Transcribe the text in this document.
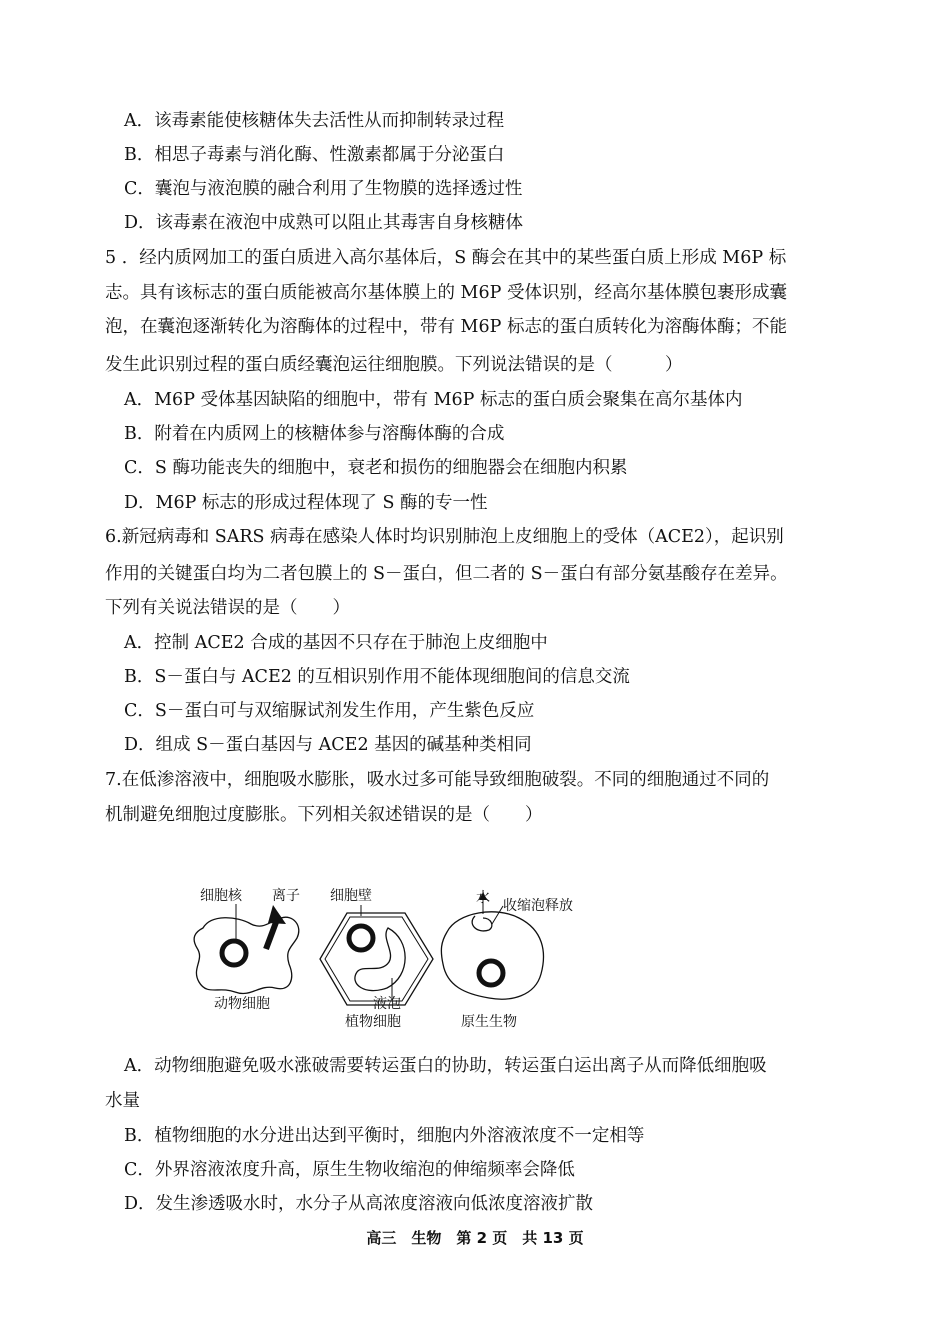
A．该毒素能使核糖体失去活性从而抑制转录过程
B．相思子毒素与消化酶、性激素都属于分泌蛋白
C．囊泡与液泡膜的融合利用了生物膜的选择透过性
D．该毒素在液泡中成熟可以阻止其毒害自身核糖体
5 ．经内质网加工的蛋白质进入高尔基体后，S 酶会在其中的某些蛋白质上形成 M6P 标
志。具有该标志的蛋白质能被高尔基体膜上的 M6P 受体识别，经高尔基体膜包裹形成囊
泡，在囊泡逐渐转化为溶酶体的过程中，带有 M6P 标志的蛋白质转化为溶酶体酶；不能
发生此识别过程的蛋白质经囊泡运往细胞膜。下列说法错误的是（　　　）
A．M6P 受体基因缺陷的细胞中，带有 M6P 标志的蛋白质会聚集在高尔基体内
B．附着在内质网上的核糖体参与溶酶体酶的合成
C．S 酶功能丧失的细胞中，衰老和损伤的细胞器会在细胞内积累
D．M6P 标志的形成过程体现了 S 酶的专一性
6.新冠病毒和 SARS 病毒在感染人体时均识别肺泡上皮细胞上的受体（ACE2），起识别
作用的关键蛋白均为二者包膜上的 S－蛋白，但二者的 S－蛋白有部分氨基酸存在差异。
下列有关说法错误的是（　　）
A．控制 ACE2 合成的基因不只存在于肺泡上皮细胞中
B．S－蛋白与 ACE2 的互相识别作用不能体现细胞间的信息交流
C．S－蛋白可与双缩脲试剂发生作用，产生紫色反应
D．组成 S－蛋白基因与 ACE2 基因的碱基种类相同
7.在低渗溶液中，细胞吸水膨胀，吸水过多可能导致细胞破裂。不同的细胞通过不同的
机制避免细胞过度膨胀。下列相关叙述错误的是（　　）
细胞核 离子
动物细胞
细胞壁
液泡
植物细胞
水 收缩泡释放
原生生物
A．动物细胞避免吸水涨破需要转运蛋白的协助，转运蛋白运出离子从而降低细胞吸
水量
B．植物细胞的水分进出达到平衡时，细胞内外溶液浓度不一定相等
C．外界溶液浓度升高，原生生物收缩泡的伸缩频率会降低
D．发生渗透吸水时，水分子从高浓度溶液向低浓度溶液扩散
高三　生物　第 2 页　共 13 页
